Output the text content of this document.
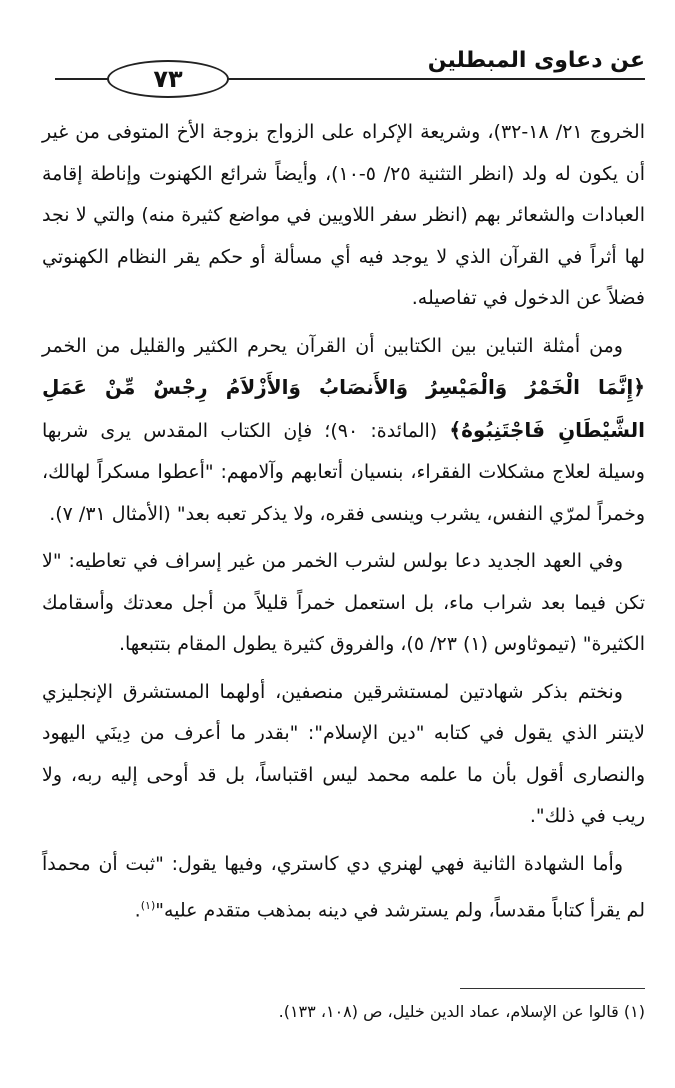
عن دعاوى المبطلين
٧٣

الخروج ٢١/ ١٨-٣٢)، وشريعة الإكراه على الزواج بزوجة الأخ المتوفى من غير أن يكون له ولد (انظر التثنية ٢٥/ ٥-١٠)، وأيضاً شرائع الكهنوت وإناطة إقامة العبادات والشعائر بهم (انظر سفر اللاويين في مواضع كثيرة منه) والتي لا نجد لها أثراً في القرآن الذي لا يوجد فيه أي مسألة أو حكم يقر النظام الكهنوتي فضلاً عن الدخول في تفاصيله.

ومن أمثلة التباين بين الكتابين أن القرآن يحرم الكثير والقليل من الخمر ﴿إِنَّمَا الْخَمْرُ وَالْمَيْسِرُ وَالأَنصَابُ وَالأَزْلاَمُ رِجْسٌ مِّنْ عَمَلِ الشَّيْطَانِ فَاجْتَنِبُوهُ﴾ (المائدة: ٩٠)؛ فإن الكتاب المقدس يرى شربها وسيلة لعلاج مشكلات الفقراء، بنسيان أتعابهم وآلامهم: "أعطوا مسكراً لهالك، وخمراً لمرّي النفس، يشرب وينسى فقره، ولا يذكر تعبه بعد" (الأمثال ٣١/ ٧).

وفي العهد الجديد دعا بولس لشرب الخمر من غير إسراف في تعاطيه: "لا تكن فيما بعد شراب ماء، بل استعمل خمراً قليلاً من أجل معدتك وأسقامك الكثيرة" (تيموثاوس (١) ٢٣/ ٥)، والفروق كثيرة يطول المقام بتتبعها.

ونختم بذكر شهادتين لمستشرقين منصفين، أولهما المستشرق الإنجليزي لايتنر الذي يقول في كتابه "دين الإسلام": "بقدر ما أعرف من دِينَي اليهود والنصارى أقول بأن ما علمه محمد ليس اقتباساً، بل قد أوحى إليه ربه، ولا ريب في ذلك".

وأما الشهادة الثانية فهي لهنري دي كاستري، وفيها يقول: "ثبت أن محمداً لم يقرأ كتاباً مقدساً، ولم يسترشد في دينه بمذهب متقدم عليه"$^{(١)}$.

(١) قالوا عن الإسلام، عماد الدين خليل، ص (١٠٨، ١٣٣).
